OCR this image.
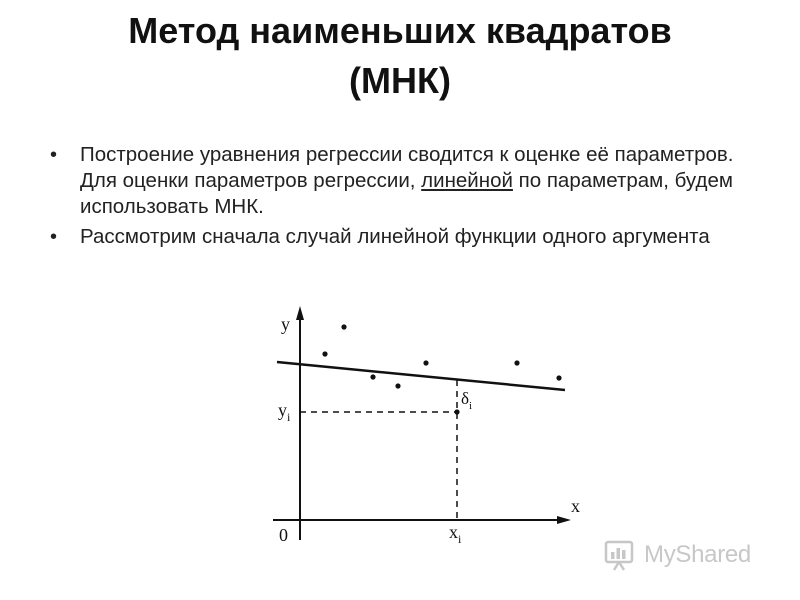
Метод наименьших квадратов
(МНК)
• Построение уравнения регрессии сводится к оценке её параметров. Для оценки параметров регрессии, линейной по параметрам, будем использовать МНК.
• Рассмотрим сначала случай линейной функции одного аргумента
y
x
0
$y_i$
$x_i$
$\delta_i$
MyShared
